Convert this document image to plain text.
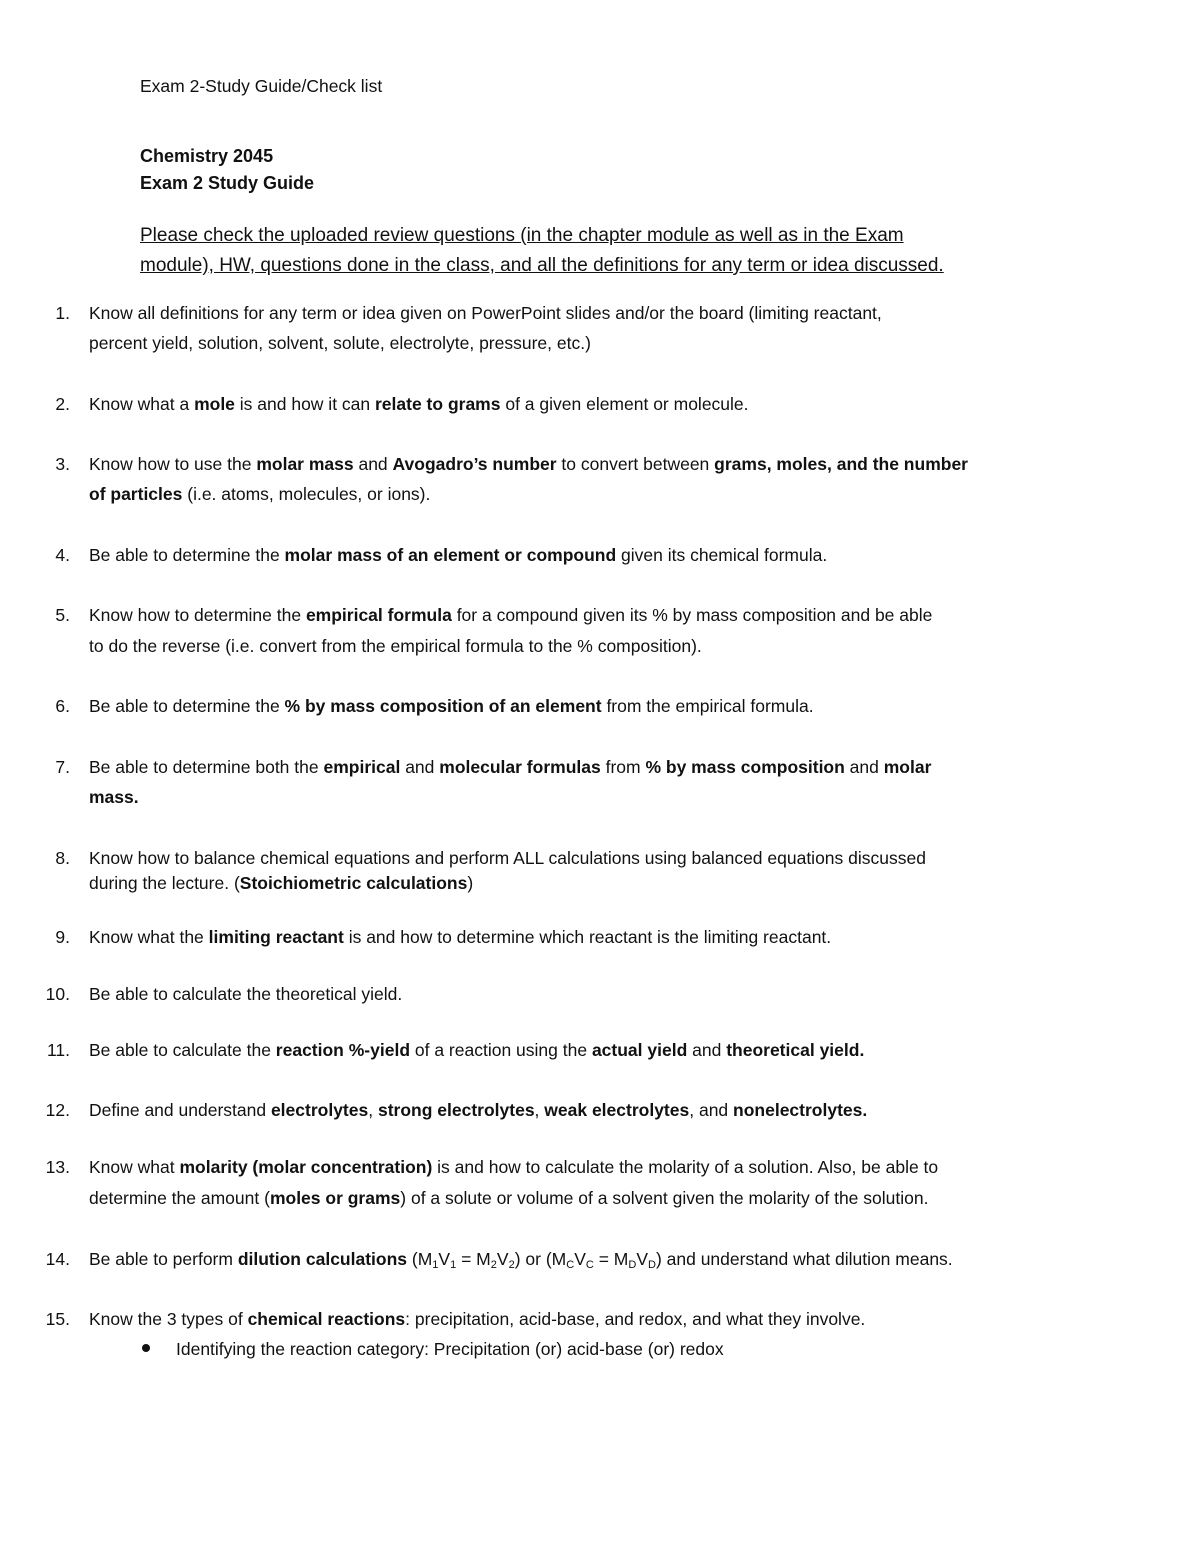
Exam 2-Study Guide/Check list
Chemistry 2045
Exam 2 Study Guide
Please check the uploaded review questions (in the chapter module as well as in the Exam
module), HW, questions done in the class, and all the definitions for any term or idea discussed.
1. Know all definitions for any term or idea given on PowerPoint slides and/or the board (limiting reactant,
percent yield, solution, solvent, solute, electrolyte, pressure, etc.)
2. Know what a mole is and how it can relate to grams of a given element or molecule.
3. Know how to use the molar mass and Avogadro’s number to convert between grams, moles, and the number
of particles (i.e. atoms, molecules, or ions).
4. Be able to determine the molar mass of an element or compound given its chemical formula.
5. Know how to determine the empirical formula for a compound given its % by mass composition and be able
to do the reverse (i.e. convert from the empirical formula to the % composition).
6. Be able to determine the % by mass composition of an element from the empirical formula.
7. Be able to determine both the empirical and molecular formulas from % by mass composition and molar
mass.
8. Know how to balance chemical equations and perform ALL calculations using balanced equations discussed
during the lecture. (Stoichiometric calculations)
9. Know what the limiting reactant is and how to determine which reactant is the limiting reactant.
10. Be able to calculate the theoretical yield.
11. Be able to calculate the reaction %-yield of a reaction using the actual yield and theoretical yield.
12. Define and understand electrolytes, strong electrolytes, weak electrolytes, and nonelectrolytes.
13. Know what molarity (molar concentration) is and how to calculate the molarity of a solution. Also, be able to
determine the amount (moles or grams) of a solute or volume of a solvent given the molarity of the solution.
14. Be able to perform dilution calculations $(M_1V_1 = M_2V_2)$ or $(M_CV_C = M_DV_D)$ and understand what dilution means.
15. Know the 3 types of chemical reactions: precipitation, acid-base, and redox, and what they involve.
Identifying the reaction category: Precipitation (or) acid-base (or) redox
